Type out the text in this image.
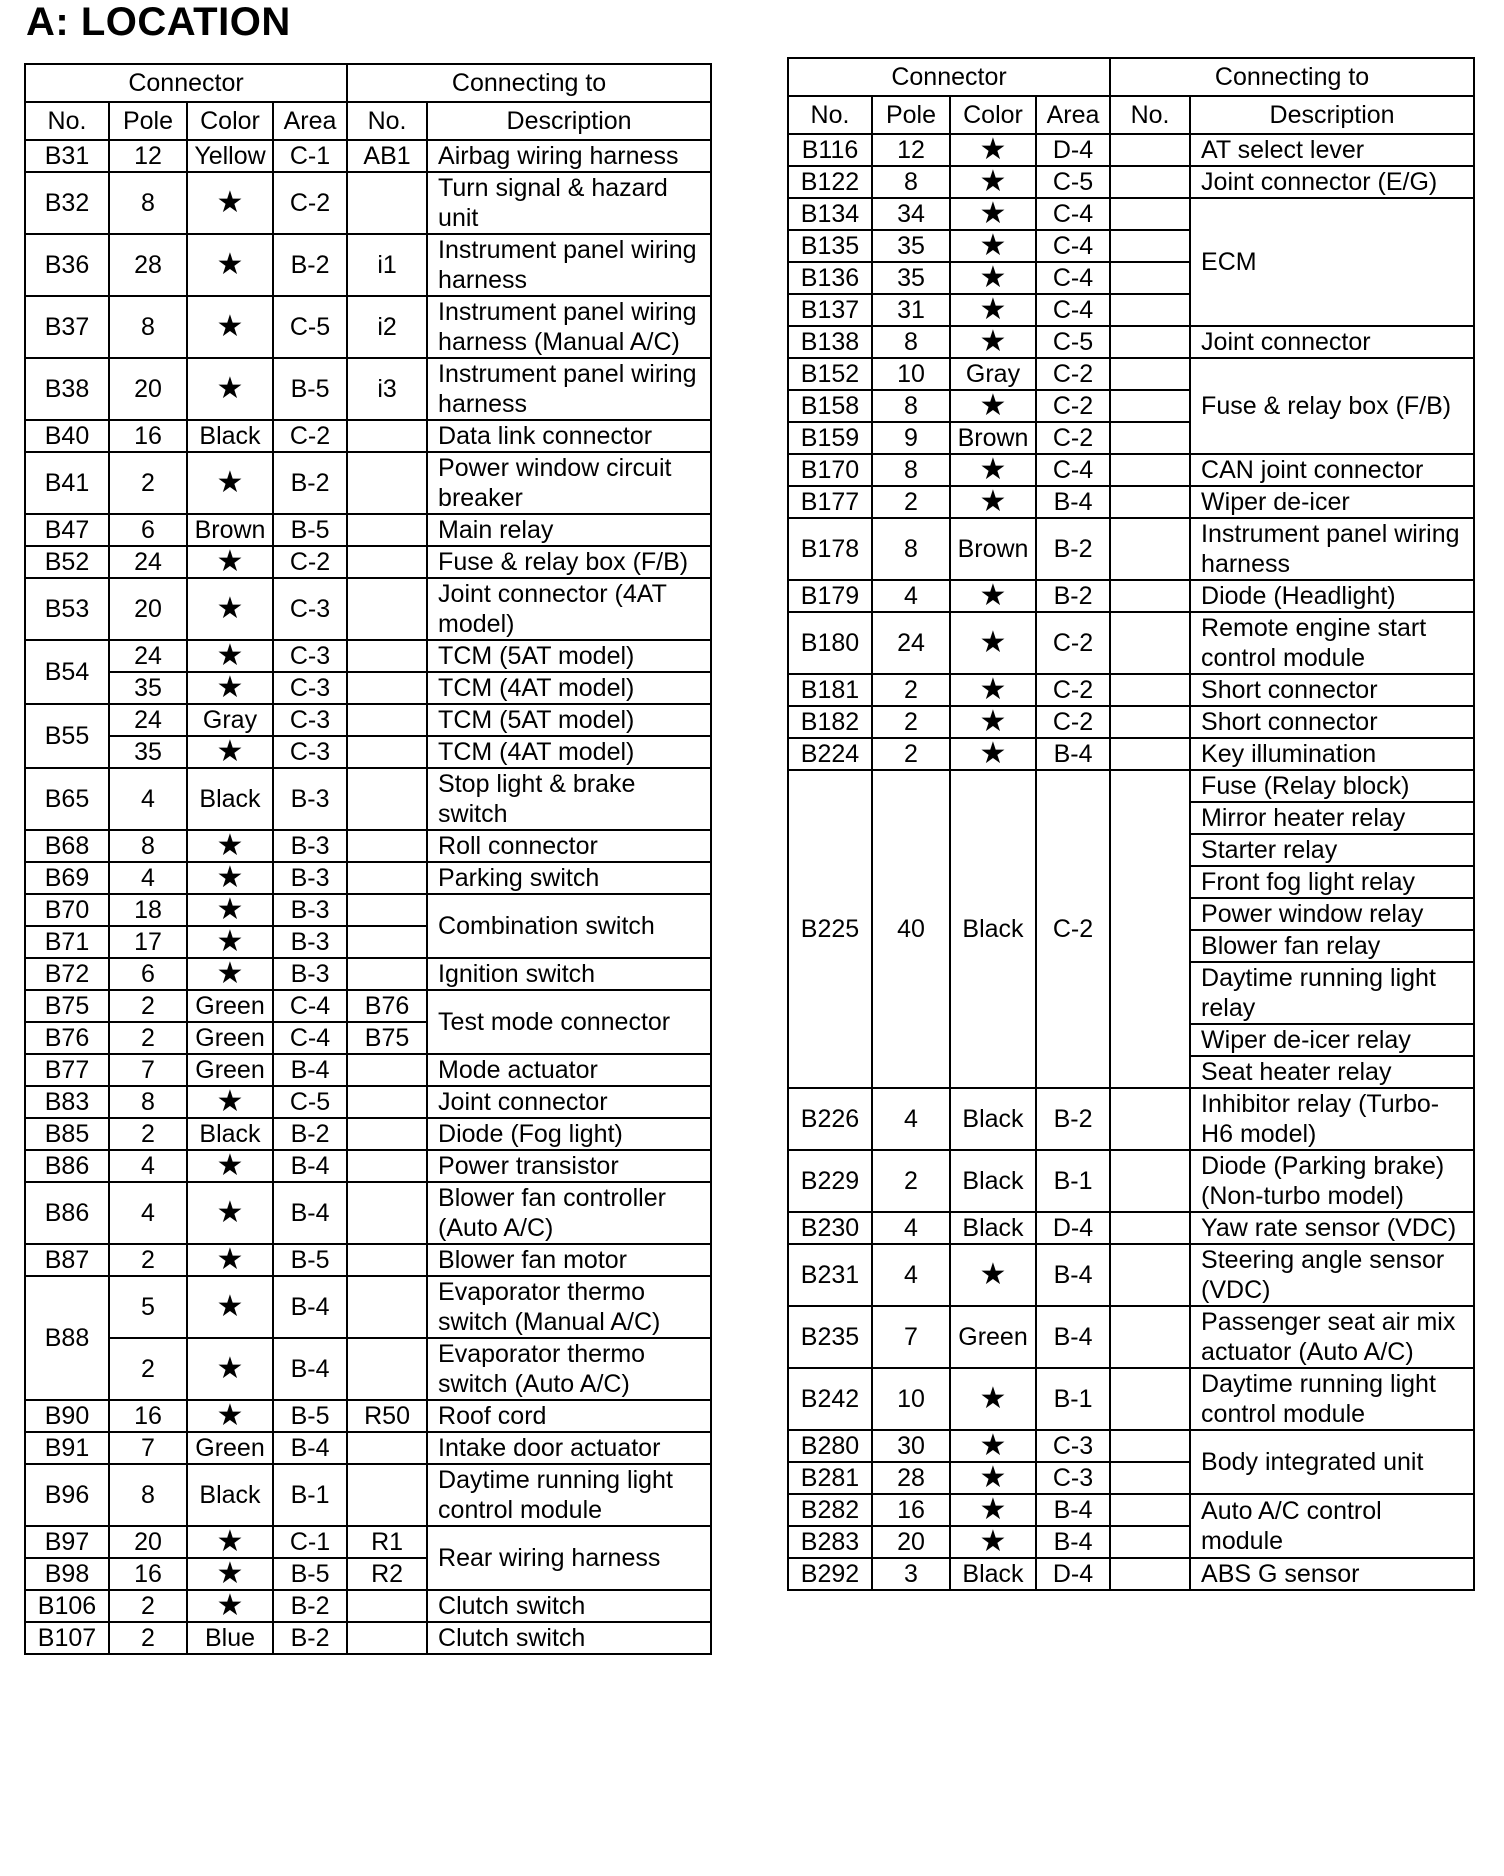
A: LOCATION
Connector				Connecting to	
No.	Pole	Color	Area	No.	Description
B31	12	Yellow	C-1	AB1	Airbag wiring harness
B32	8	★	C-2		Turn signal & hazard unit
B36	28	★	B-2	i1	Instrument panel wiring harness
B37	8	★	C-5	i2	Instrument panel wiring harness (Manual A/C)
B38	20	★	B-5	i3	Instrument panel wiring harness
B40	16	Black	C-2		Data link connector
B41	2	★	B-2		Power window circuit breaker
B47	6	Brown	B-5		Main relay
B52	24	★	C-2		Fuse & relay box (F/B)
B53	20	★	C-3		Joint connector (4AT model)
B54	24	★	C-3		TCM (5AT model)
	35	★	C-3		TCM (4AT model)
B55	24	Gray	C-3		TCM (5AT model)
	35	★	C-3		TCM (4AT model)
B65	4	Black	B-3		Stop light & brake switch
B68	8	★	B-3		Roll connector
B69	4	★	B-3		Parking switch
B70	18	★	B-3		Combination switch
B71	17	★	B-3		
B72	6	★	B-3		Ignition switch
B75	2	Green	C-4	B76	Test mode connector
B76	2	Green	C-4	B75	
B77	7	Green	B-4		Mode actuator
B83	8	★	C-5		Joint connector
B85	2	Black	B-2		Diode (Fog light)
B86	4	★	B-4		Power transistor
B86	4	★	B-4		Blower fan controller (Auto A/C)
B87	2	★	B-5		Blower fan motor
B88	5	★	B-4		Evaporator thermo switch (Manual A/C)
	2	★	B-4		Evaporator thermo switch (Auto A/C)
B90	16	★	B-5	R50	Roof cord
B91	7	Green	B-4		Intake door actuator
B96	8	Black	B-1		Daytime running light control module
B97	20	★	C-1	R1	Rear wiring harness
B98	16	★	B-5	R2	
B106	2	★	B-2		Clutch switch
B107	2	Blue	B-2		Clutch switch
Connector				Connecting to	
No.	Pole	Color	Area	No.	Description
B116	12	★	D-4		AT select lever
B122	8	★	C-5		Joint connector (E/G)
B134	34	★	C-4		ECM
B135	35	★	C-4		
B136	35	★	C-4		
B137	31	★	C-4		
B138	8	★	C-5		Joint connector
B152	10	Gray	C-2		Fuse & relay box (F/B)
B158	8	★	C-2		
B159	9	Brown	C-2		
B170	8	★	C-4		CAN joint connector
B177	2	★	B-4		Wiper de-icer
B178	8	Brown	B-2		Instrument panel wiring harness
B179	4	★	B-2		Diode (Headlight)
B180	24	★	C-2		Remote engine start control module
B181	2	★	C-2		Short connector
B182	2	★	C-2		Short connector
B224	2	★	B-4		Key illumination
B225	40	Black	C-2		Fuse (Relay block)
					Mirror heater relay
					Starter relay
					Front fog light relay
					Power window relay
					Blower fan relay
					Daytime running light relay
					Wiper de-icer relay
					Seat heater relay
B226	4	Black	B-2		Inhibitor relay (Turbo-H6 model)
B229	2	Black	B-1		Diode (Parking brake) (Non-turbo model)
B230	4	Black	D-4		Yaw rate sensor (VDC)
B231	4	★	B-4		Steering angle sensor (VDC)
B235	7	Green	B-4		Passenger seat air mix actuator (Auto A/C)
B242	10	★	B-1		Daytime running light control module
B280	30	★	C-3		Body integrated unit
B281	28	★	C-3		
B282	16	★	B-4		Auto A/C control module
B283	20	★	B-4		
B292	3	Black	D-4		ABS G sensor
